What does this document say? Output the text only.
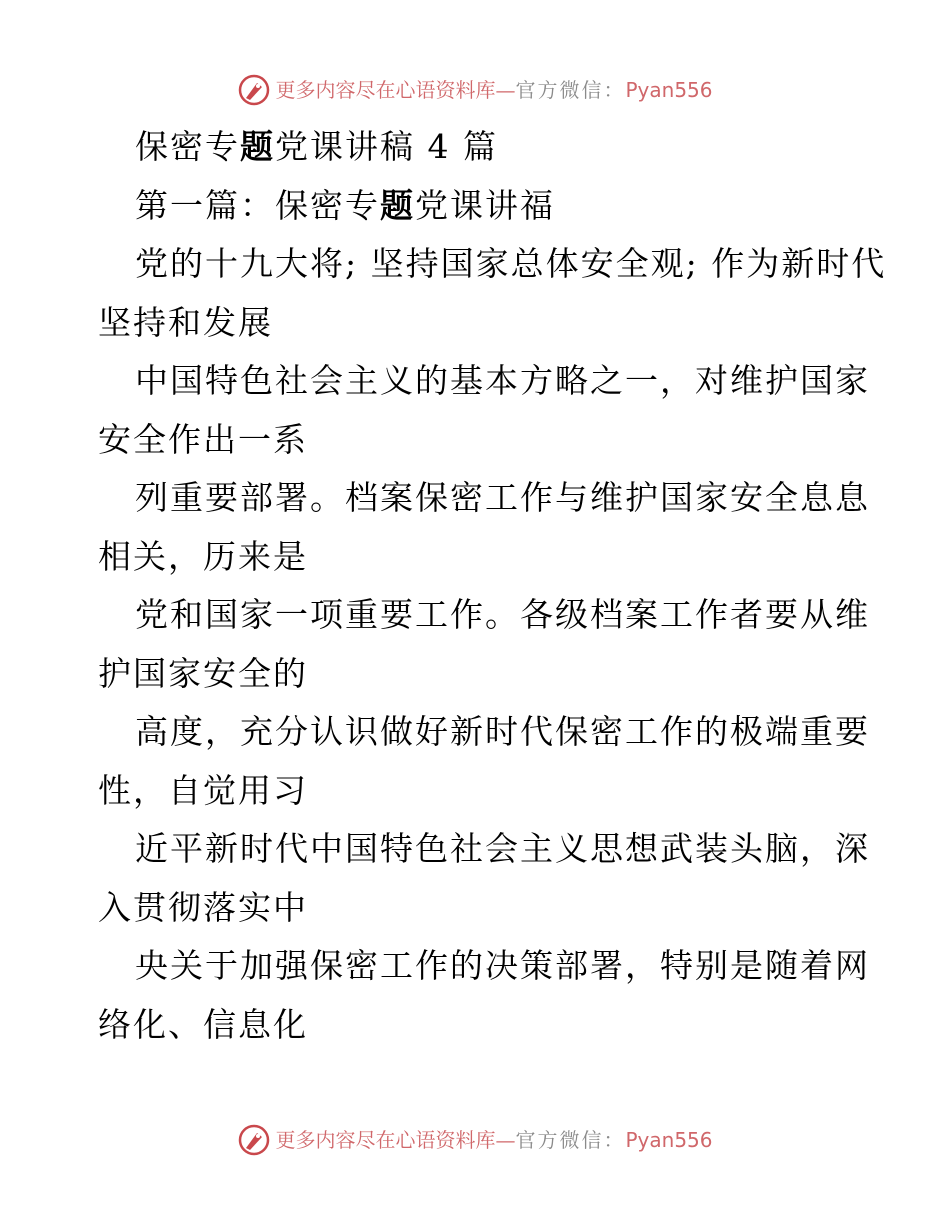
更多内容尽在心语资料库 — 官方微信： Pyan556

保密专题党课讲稿 4 篇

第一篇：保密专题党课讲福

党的十九大将; 坚持国家总体安全观; 作为新时代

坚持和发展

中国特色社会主义的基本方略之一，对维护国家

安全作出一系

列重要部署。档案保密工作与维护国家安全息息

相关，历来是

党和国家一项重要工作。各级档案工作者要从维

护国家安全的

高度，充分认识做好新时代保密工作的极端重要

性，自觉用习

近平新时代中国特色社会主义思想武装头脑，深

入贯彻落实中

央关于加强保密工作的决策部署，特别是随着网

络化、信息化

更多内容尽在心语资料库 — 官方微信： Pyan556
